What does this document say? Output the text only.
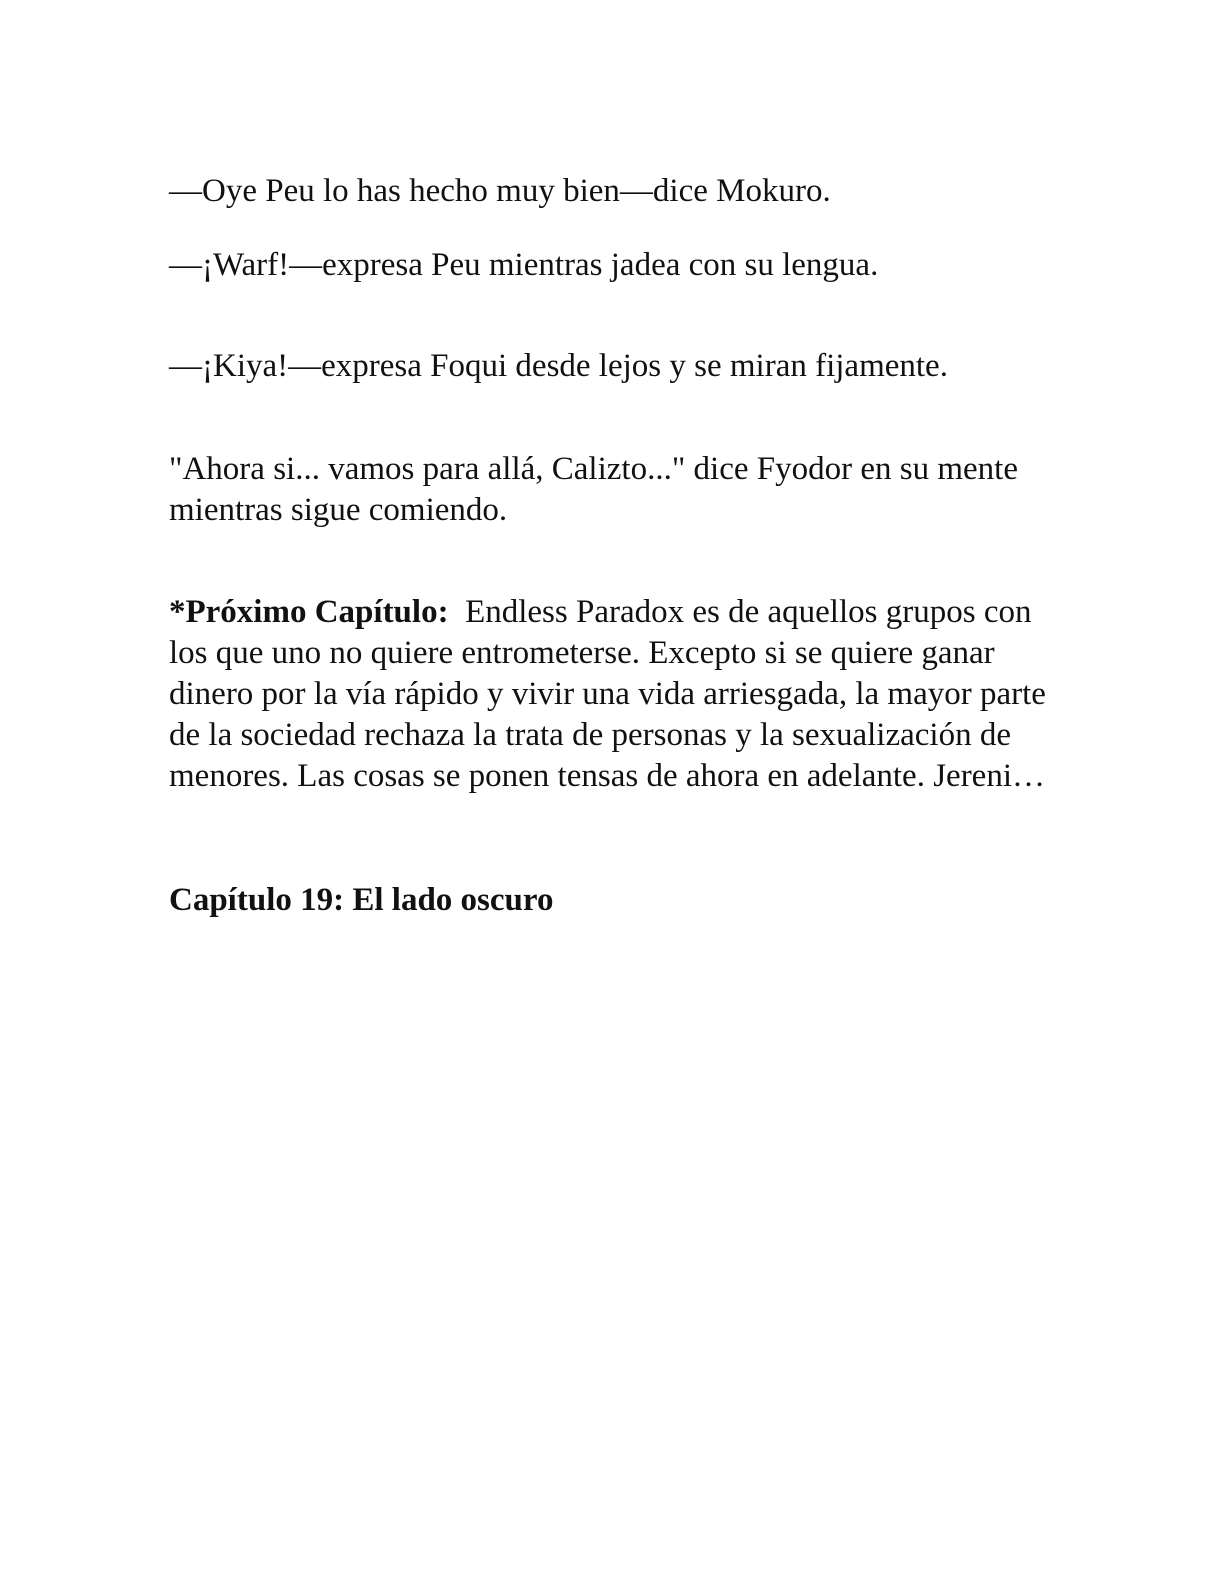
—Oye Peu lo has hecho muy bien—dice Mokuro.
—¡Warf!—expresa Peu mientras jadea con su lengua.
—¡Kiya!—expresa Foqui desde lejos y se miran fijamente.
"Ahora si... vamos para allá, Calizto..." dice Fyodor en su mente mientras sigue comiendo.
*Próximo Capítulo: Endless Paradox es de aquellos grupos con los que uno no quiere entrometerse. Excepto si se quiere ganar dinero por la vía rápido y vivir una vida arriesgada, la mayor parte de la sociedad rechaza la trata de personas y la sexualización de menores. Las cosas se ponen tensas de ahora en adelante. Jereni…
Capítulo 19: El lado oscuro
